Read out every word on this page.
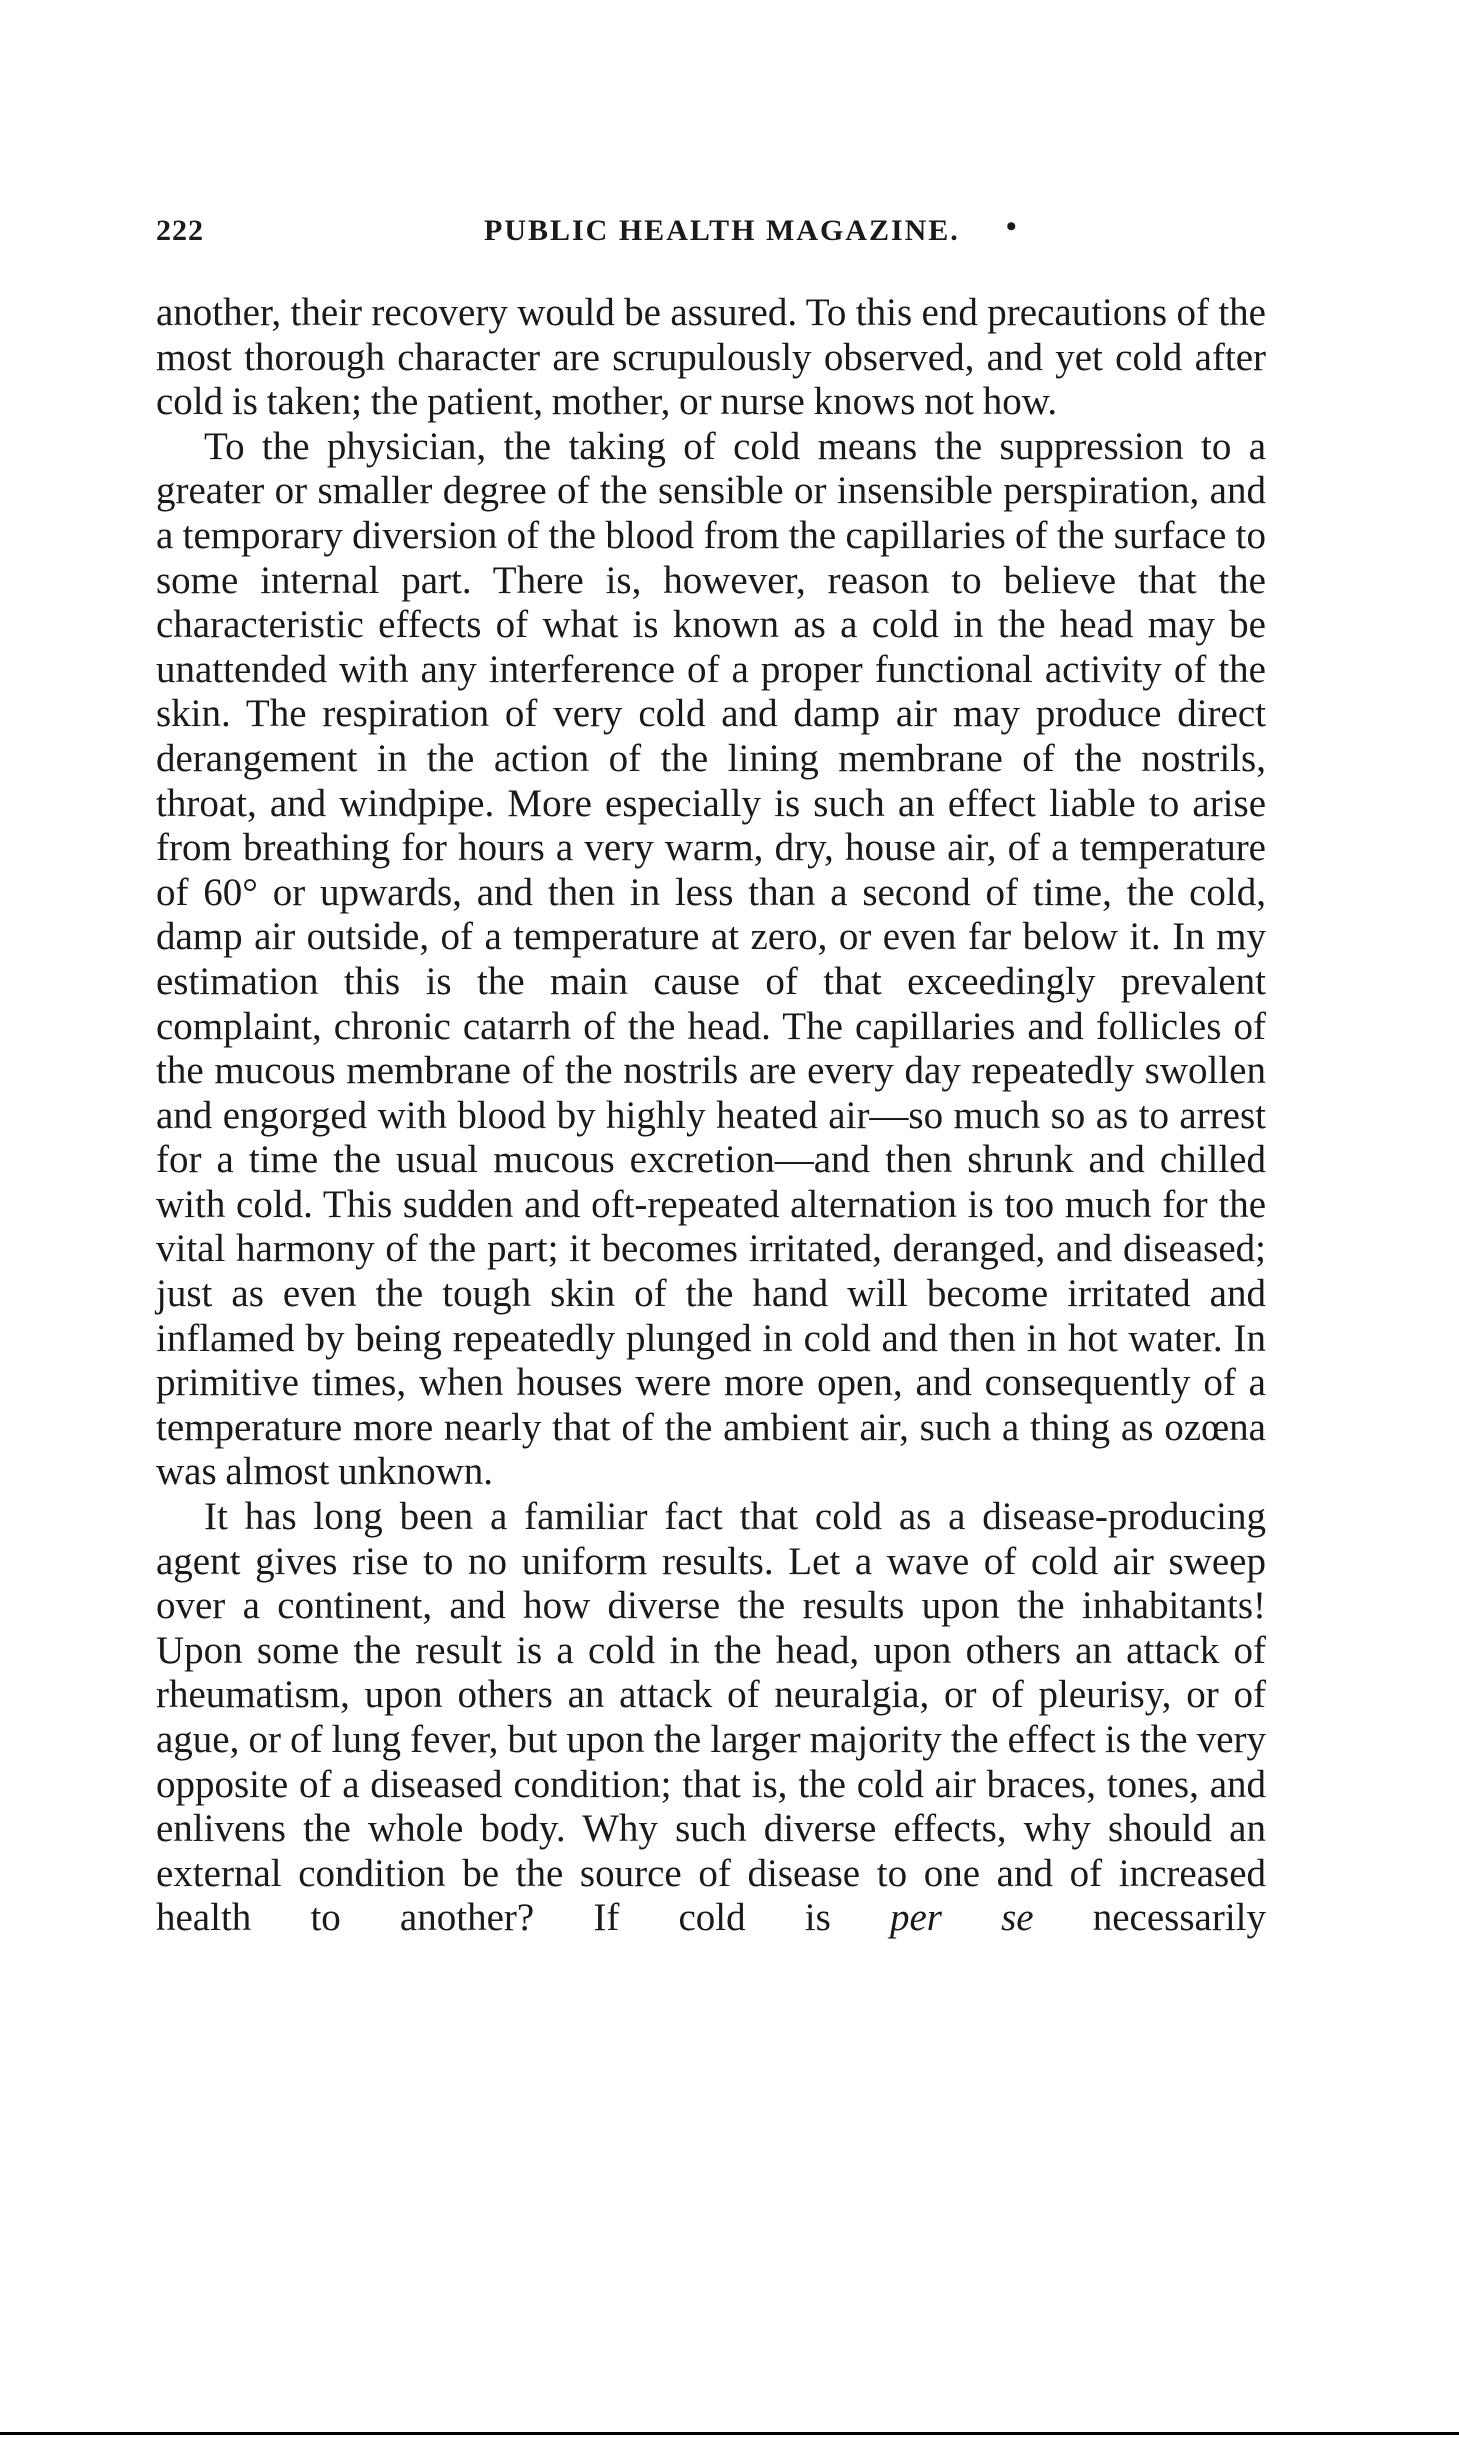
222	PUBLIC HEALTH MAGAZINE. •

another, their recovery would be assured. To this end precautions of the most thorough character are scrupulously observed, and yet cold after cold is taken; the patient, mother, or nurse knows not how.

To the physician, the taking of cold means the suppression to a greater or smaller degree of the sensible or insensible perspiration, and a temporary diversion of the blood from the capillaries of the surface to some internal part. There is, however, reason to believe that the characteristic effects of what is known as a cold in the head may be unattended with any interference of a proper functional activity of the skin. The respiration of very cold and damp air may produce direct derangement in the action of the lining membrane of the nostrils, throat, and windpipe. More especially is such an effect liable to arise from breathing for hours a very warm, dry, house air, of a temperature of 60° or upwards, and then in less than a second of time, the cold, damp air outside, of a temperature at zero, or even far below it. In my estimation this is the main cause of that exceedingly prevalent complaint, chronic catarrh of the head. The capillaries and follicles of the mucous membrane of the nostrils are every day repeatedly swollen and engorged with blood by highly heated air—so much so as to arrest for a time the usual mucous excretion—and then shrunk and chilled with cold. This sudden and oft-repeated alternation is too much for the vital harmony of the part; it becomes irritated, deranged, and diseased; just as even the tough skin of the hand will become irritated and inflamed by being repeatedly plunged in cold and then in hot water. In primitive times, when houses were more open, and consequently of a temperature more nearly that of the ambient air, such a thing as ozœna was almost unknown.

It has long been a familiar fact that cold as a disease-producing agent gives rise to no uniform results. Let a wave of cold air sweep over a continent, and how diverse the results upon the inhabitants! Upon some the result is a cold in the head, upon others an attack of rheumatism, upon others an attack of neuralgia, or of pleurisy, or of ague, or of lung fever, but upon the larger majority the effect is the very opposite of a diseased condition; that is, the cold air braces, tones, and enlivens the whole body. Why such diverse effects, why should an external condition be the source of disease to one and of increased health to another? If cold is per se necessarily
